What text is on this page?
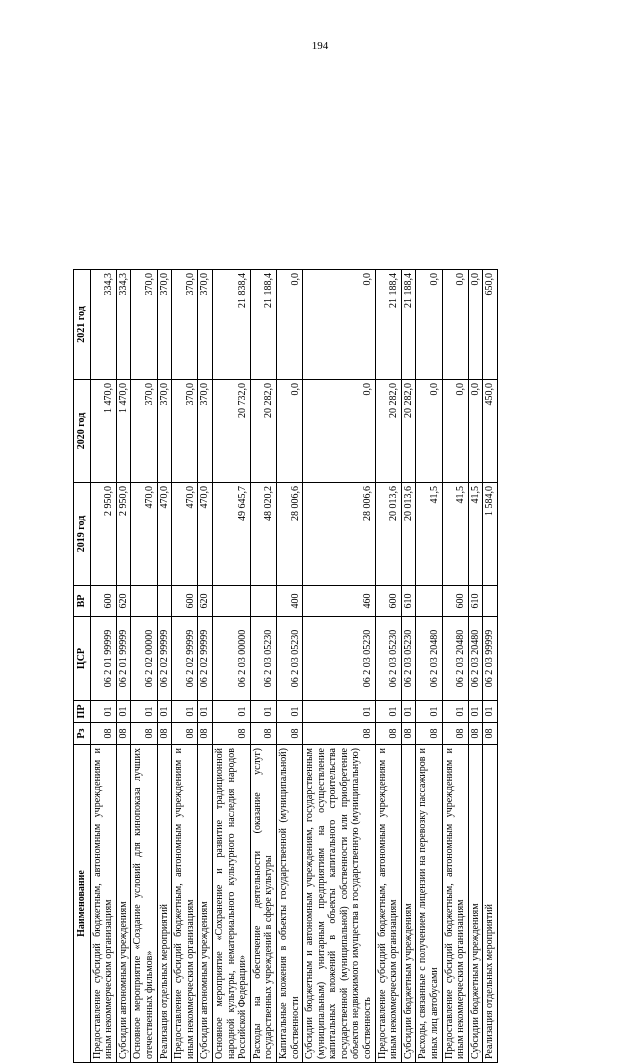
194
Наименование	Рз	ПР	ЦСР	ВР	2019 год	2020 год	2021 год
Предоставление субсидий бюджетным, автономным учреждениям и иным некоммерческим организациям	08	01	06 2 01 99999	600	2 950,0	1 470,0	334,3
Субсидии автономным учреждениям	08	01	06 2 01 99999	620	2 950,0	1 470,0	334,3
Основное мероприятие «Создание условий для кинопоказа лучших отечественных фильмов»	08	01	06 2 02 00000		470,0	370,0	370,0
Реализация отдельных мероприятий	08	01	06 2 02 99999		470,0	370,0	370,0
Предоставление субсидий бюджетным, автономным учреждениям и иным некоммерческим организациям	08	01	06 2 02 99999	600	470,0	370,0	370,0
Субсидии автономным учреждениям	08	01	06 2 02 99999	620	470,0	370,0	370,0
Основное мероприятие «Сохранение и развитие традиционной народной культуры, нематериального культурного наследия народов Российской Федерации»	08	01	06 2 03 00000		49 645,7	20 732,0	21 838,4
Расходы на обеспечение деятельности (оказание услуг) государственных учреждений в сфере культуры	08	01	06 2 03 05230		48 020,2	20 282,0	21 188,4
Капитальные вложения в объекты государственной (муниципальной) собственности	08	01	06 2 03 05230	400	28 006,6	0,0	0,0
Субсидии бюджетным и автономным учреждениям, государственным (муниципальным) унитарным предприятиям на осуществление капитальных вложений в объекты капитального строительства государственной (муниципальной) собственности или приобретение объектов недвижимого имущества в государственную (муниципальную) собственность	08	01	06 2 03 05230	460	28 006,6	0,0	0,0
Предоставление субсидий бюджетным, автономным учреждениям и иным некоммерческим организациям	08	01	06 2 03 05230	600	20 013,6	20 282,0	21 188,4
Субсидии бюджетным учреждениям	08	01	06 2 03 05230	610	20 013,6	20 282,0	21 188,4
Расходы, связанные с получением лицензии на перевозку пассажиров и иных лиц автобусами	08	01	06 2 03 20480		41,5	0,0	0,0
Предоставление субсидий бюджетным, автономным учреждениям и иным некоммерческим организациям	08	01	06 2 03 20480	600	41,5	0,0	0,0
Субсидии бюджетным учреждениям	08	01	06 2 03 20480	610	41,5	0,0	0,0
Реализация отдельных мероприятий	08	01	06 2 03 99999		1 584,0	450,0	650,0
